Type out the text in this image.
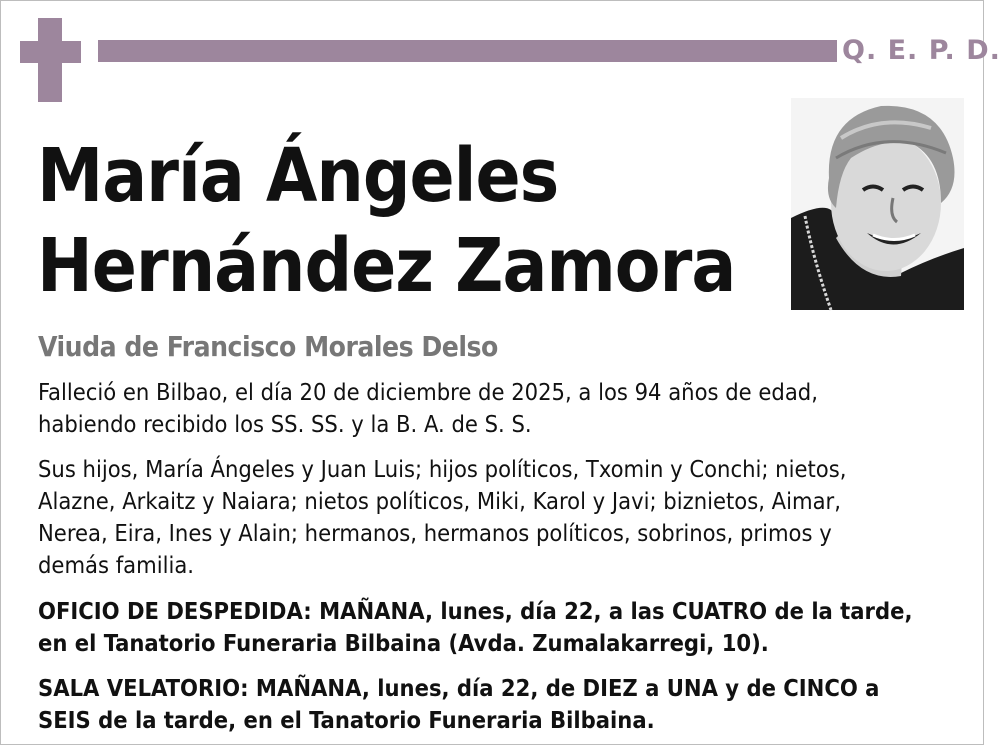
Q. E. P. D.
María Ángeles
Hernández Zamora
Viuda de Francisco Morales Delso
Falleció en Bilbao, el día 20 de diciembre de 2025, a los 94 años de edad,
habiendo recibido los SS. SS. y la B. A. de S. S.
Sus hijos, María Ángeles y Juan Luis; hijos políticos, Txomin y Conchi; nietos,
Alazne, Arkaitz y Naiara; nietos políticos, Miki, Karol y Javi; biznietos, Aimar,
Nerea, Eira, Ines y Alain; hermanos, hermanos políticos, sobrinos, primos y
demás familia.
OFICIO DE DESPEDIDA: MAÑANA, lunes, día 22, a las CUATRO de la tarde,
en el Tanatorio Funeraria Bilbaina (Avda. Zumalakarregi, 10).
SALA VELATORIO: MAÑANA, lunes, día 22, de DIEZ a UNA y de CINCO a
SEIS de la tarde, en el Tanatorio Funeraria Bilbaina.
